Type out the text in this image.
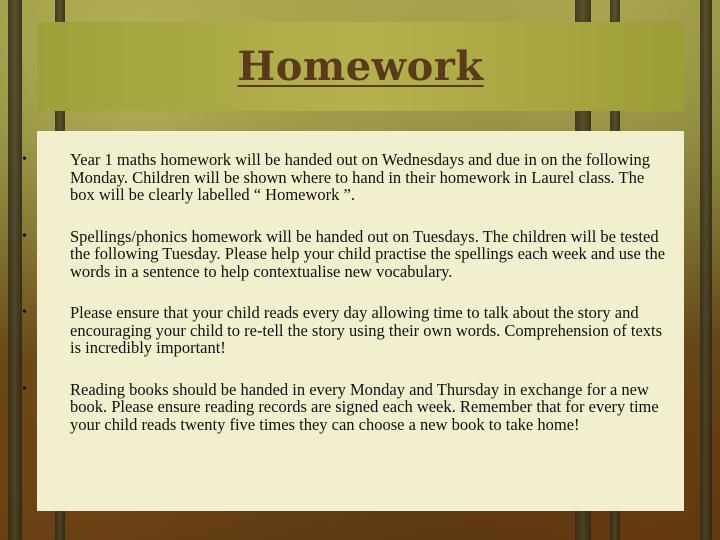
Homework
•	Year 1 maths homework will be handed out on Wednesdays and due in on the following Monday. Children will be shown where to hand in their homework in Laurel class. The box will be clearly labelled “ Homework ”.
•	Spellings/phonics homework will be handed out on Tuesdays. The children will be tested the following Tuesday. Please help your child practise the spellings each week and use the words in a sentence to help contextualise new vocabulary.
•	Please ensure that your child reads every day allowing time to talk about the story and encouraging your child to re-tell the story using their own words. Comprehension of texts is incredibly important!
•	Reading books should be handed in every Monday and Thursday in exchange for a new book. Please ensure reading records are signed each week. Remember that for every time your child reads twenty five times they can choose a new book to take home!
